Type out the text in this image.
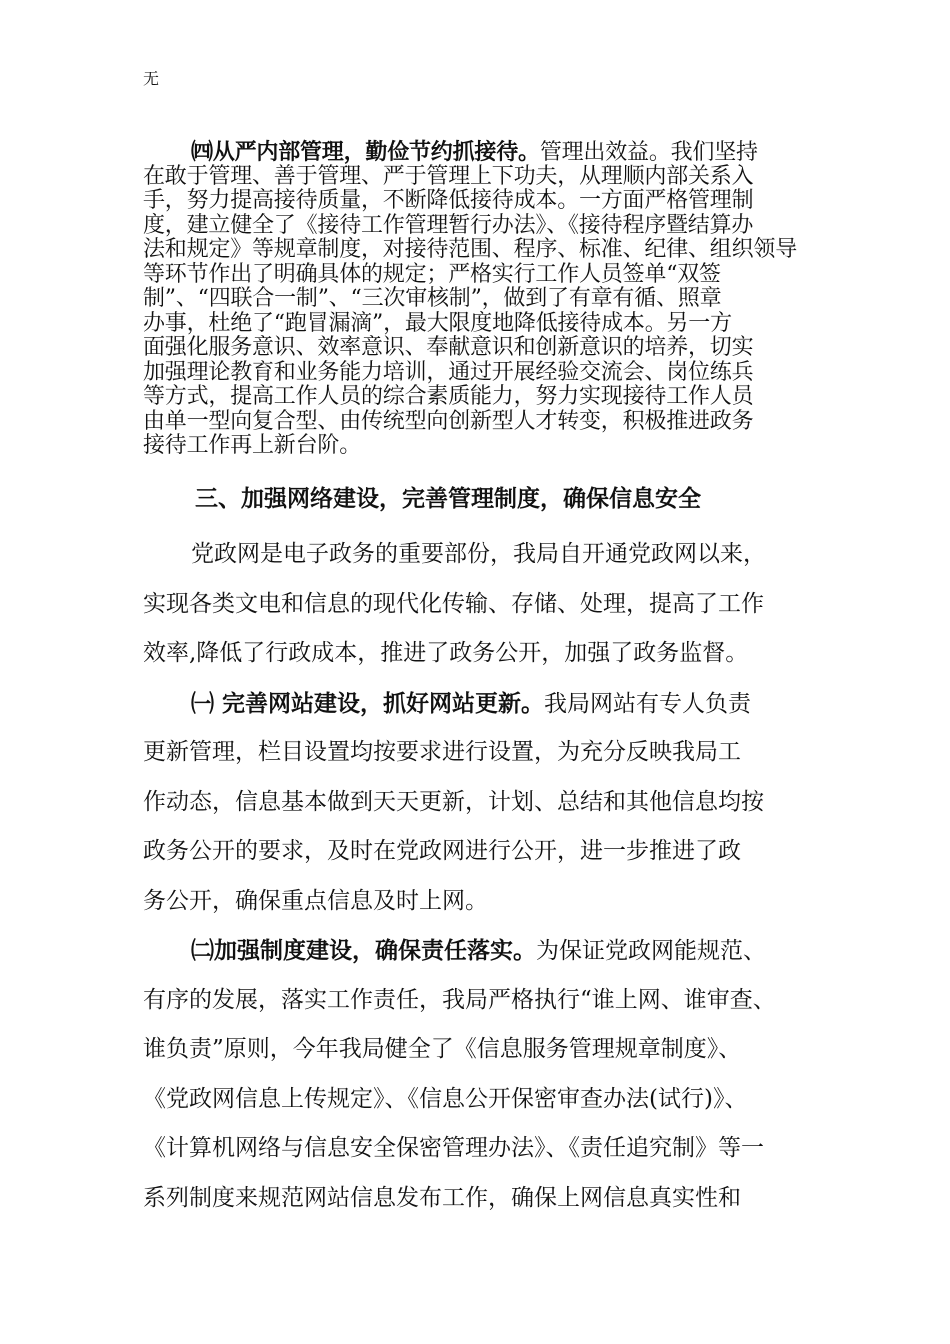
无
㈣从严内部管理，勤俭节约抓接待。管理出效益。我们坚持
在敢于管理、善于管理、严于管理上下功夫，从理顺内部关系入
手，努力提高接待质量，不断降低接待成本。一方面严格管理制
度，建立健全了《接待工作管理暂行办法》、《接待程序暨结算办
法和规定》等规章制度，对接待范围、程序、标准、纪律、组织领导
等环节作出了明确具体的规定；严格实行工作人员签单“双签
制”、“四联合一制”、“三次审核制”，做到了有章有循、照章
办事，杜绝了“跑冒漏滴”，最大限度地降低接待成本。另一方
面强化服务意识、效率意识、奉献意识和创新意识的培养，切实
加强理论教育和业务能力培训，通过开展经验交流会、岗位练兵
等方式，提高工作人员的综合素质能力，努力实现接待工作人员
由单一型向复合型、由传统型向创新型人才转变，积极推进政务
接待工作再上新台阶。
三、加强网络建设，完善管理制度，确保信息安全
党政网是电子政务的重要部份，我局自开通党政网以来，
实现各类文电和信息的现代化传输、存储、处理，提高了工作
效率,降低了行政成本，推进了政务公开，加强了政务监督。
㈠ 完善网站建设，抓好网站更新。我局网站有专人负责
更新管理，栏目设置均按要求进行设置，为充分反映我局工
作动态，信息基本做到天天更新，计划、总结和其他信息均按
政务公开的要求，及时在党政网进行公开，进一步推进了政
务公开，确保重点信息及时上网。
㈡加强制度建设，确保责任落实。为保证党政网能规范、
有序的发展，落实工作责任，我局严格执行“谁上网、谁审查、
谁负责”原则，今年我局健全了《信息服务管理规章制度》、
《党政网信息上传规定》、《信息公开保密审查办法(试行)》、
《计算机网络与信息安全保密管理办法》、《责任追究制》等一
系列制度来规范网站信息发布工作，确保上网信息真实性和
